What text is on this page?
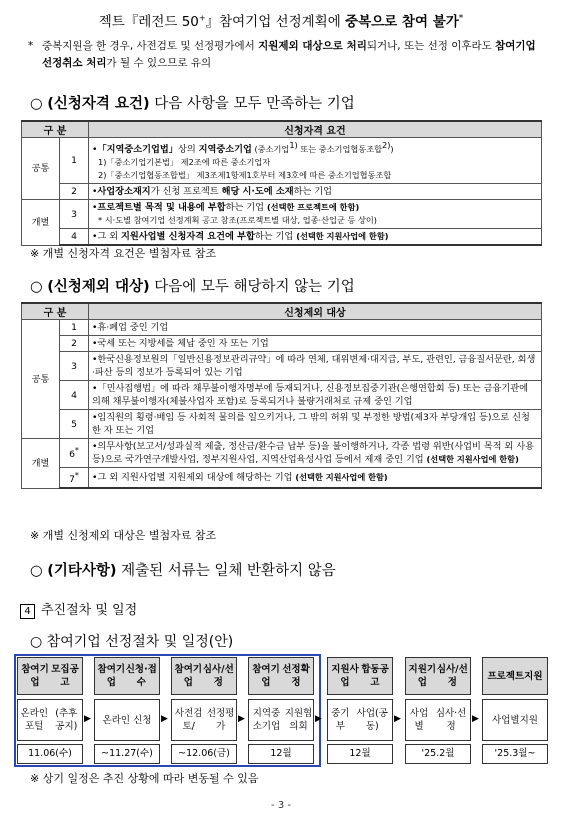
젝트『레전드 50+』참여기업 선정계획에 중복으로 참여 불가*
* 중복지원을 한 경우, 사전검토 및 선정평가에서 지원제외 대상으로 처리되거나, 또는 선정 이후라도 참여기업 선정취소 처리가 될 수 있으므로 유의
○ (신청자격 요건) 다음 사항을 모두 만족하는 기업
구 분		신청자격 요건
공통	1	•「지역중소기업법」상의 지역중소기업 (중소기업$^{1)}$ 또는 중소기업협동조합$^{2)}$)
1)「중소기업기본법」 제2조에 따른 중소기업자
2)「중소기업협동조합법」 제3조제1항제1호부터 제3호에 따른 중소기업협동조합
	2	•사업장소재지가 신청 프로젝트 해당 시·도에 소재하는 기업
개별	3	•프로젝트별 목적 및 내용에 부합하는 기업 (선택한 프로젝트에 한함)
* 시·도별 참여기업 선정계획 공고 참조(프로젝트별 대상, 업종·산업군 등 상이)
	4	•그 외 지원사업별 신청자격 요건에 부합하는 기업 (선택한 지원사업에 한함)
※ 개별 신청자격 요건은 별첨자료 참조
○ (신청제외 대상) 다음에 모두 해당하지 않는 기업
구 분		신청제외 대상
공통	1	•휴·폐업 중인 기업
	2	•국세 또는 지방세를 체납 중인 자 또는 기업
	3	•한국신용정보원의「일반신용정보관리규약」에 따라 연체, 대위변제·대지급, 부도, 관련인, 금융질서문란, 회생·파산 등의 정보가 등록되어 있는 기업
	4	•「민사집행법」에 따라 채무불이행자명부에 등재되거나, 신용정보집중기관(은행연합회 등) 또는 금융기관에 의해 채무불이행자(체불사업자 포함)로 등록되거나 불량거래처로 규제 중인 기업
	5	•임직원의 횡령·배임 등 사회적 물의를 일으키거나, 그 밖의 허위 및 부정한 방법(제3자 부당개입 등)으로 신청한 자 또는 기업
개별	6*	•의무사항(보고서/성과실적 제출, 정산금/환수금 납부 등)을 불이행하거나, 각종 법령 위반(사업비 목적 외 사용 등)으로 국가연구개발사업, 정부지원사업, 지역산업육성사업 등에서 제재 중인 기업 (선택한 지원사업에 한함)
	7*	•그 외 지원사업별 지원제외 대상에 해당하는 기업 (선택한 지원사업에 한함)
※ 개별 신청제외 대상은 별첨자료 참조
○ (기타사항) 제출된 서류는 일체 반환하지 않음
4 추진절차 및 일정
○ 참여기업 선정절차 및 일정(안)
참여기업

모집공고
온라인 포털

(추후 공지)
11.06(수)
▶
참여기업

신청·접수
온라인 신청
~11.27(수)
▶
참여기업

심사/선정
사전검토/

선정평가
~12.06(금)
▶
참여기업

선정확정
지역중소기업

지원협의회
12월
▶
지원사업

합동공고
중기부

사업(공동)
12월
▶
지원기업

심사/선정
사업별

심사·선정
'25.2월
▶
프로젝트 지원
사업별 지원
'25.3월~
※ 상기 일정은 추진 상황에 따라 변동될 수 있음
- 3 -
